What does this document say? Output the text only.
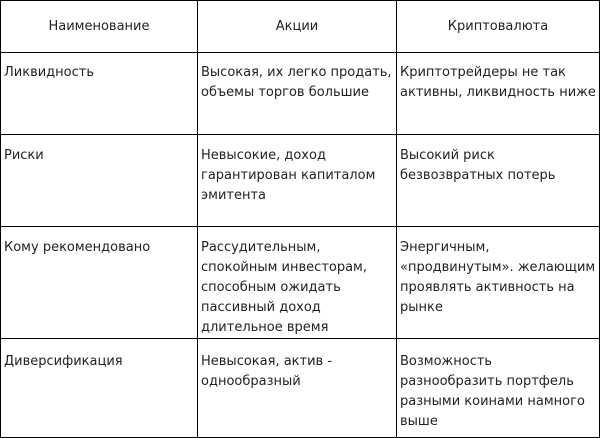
Наименование	Акции	Криптовалюта
Ликвидность	Высокая, их легко продать, объемы торгов большие	Криптотрейдеры не так активны, ликвидность ниже
Риски	Невысокие, доход гарантирован капиталом эмитента	Высокий риск безвозвратных потерь
Кому рекомендовано	Рассудительным, спокойным инвесторам, способным ожидать пассивный доход длительное время	Энергичным, «продвинутым». желающим проявлять активность на рынке
Диверсификация	Невысокая, актив - однообразный	Возможность разнообразить портфель разными коинами намного выше
